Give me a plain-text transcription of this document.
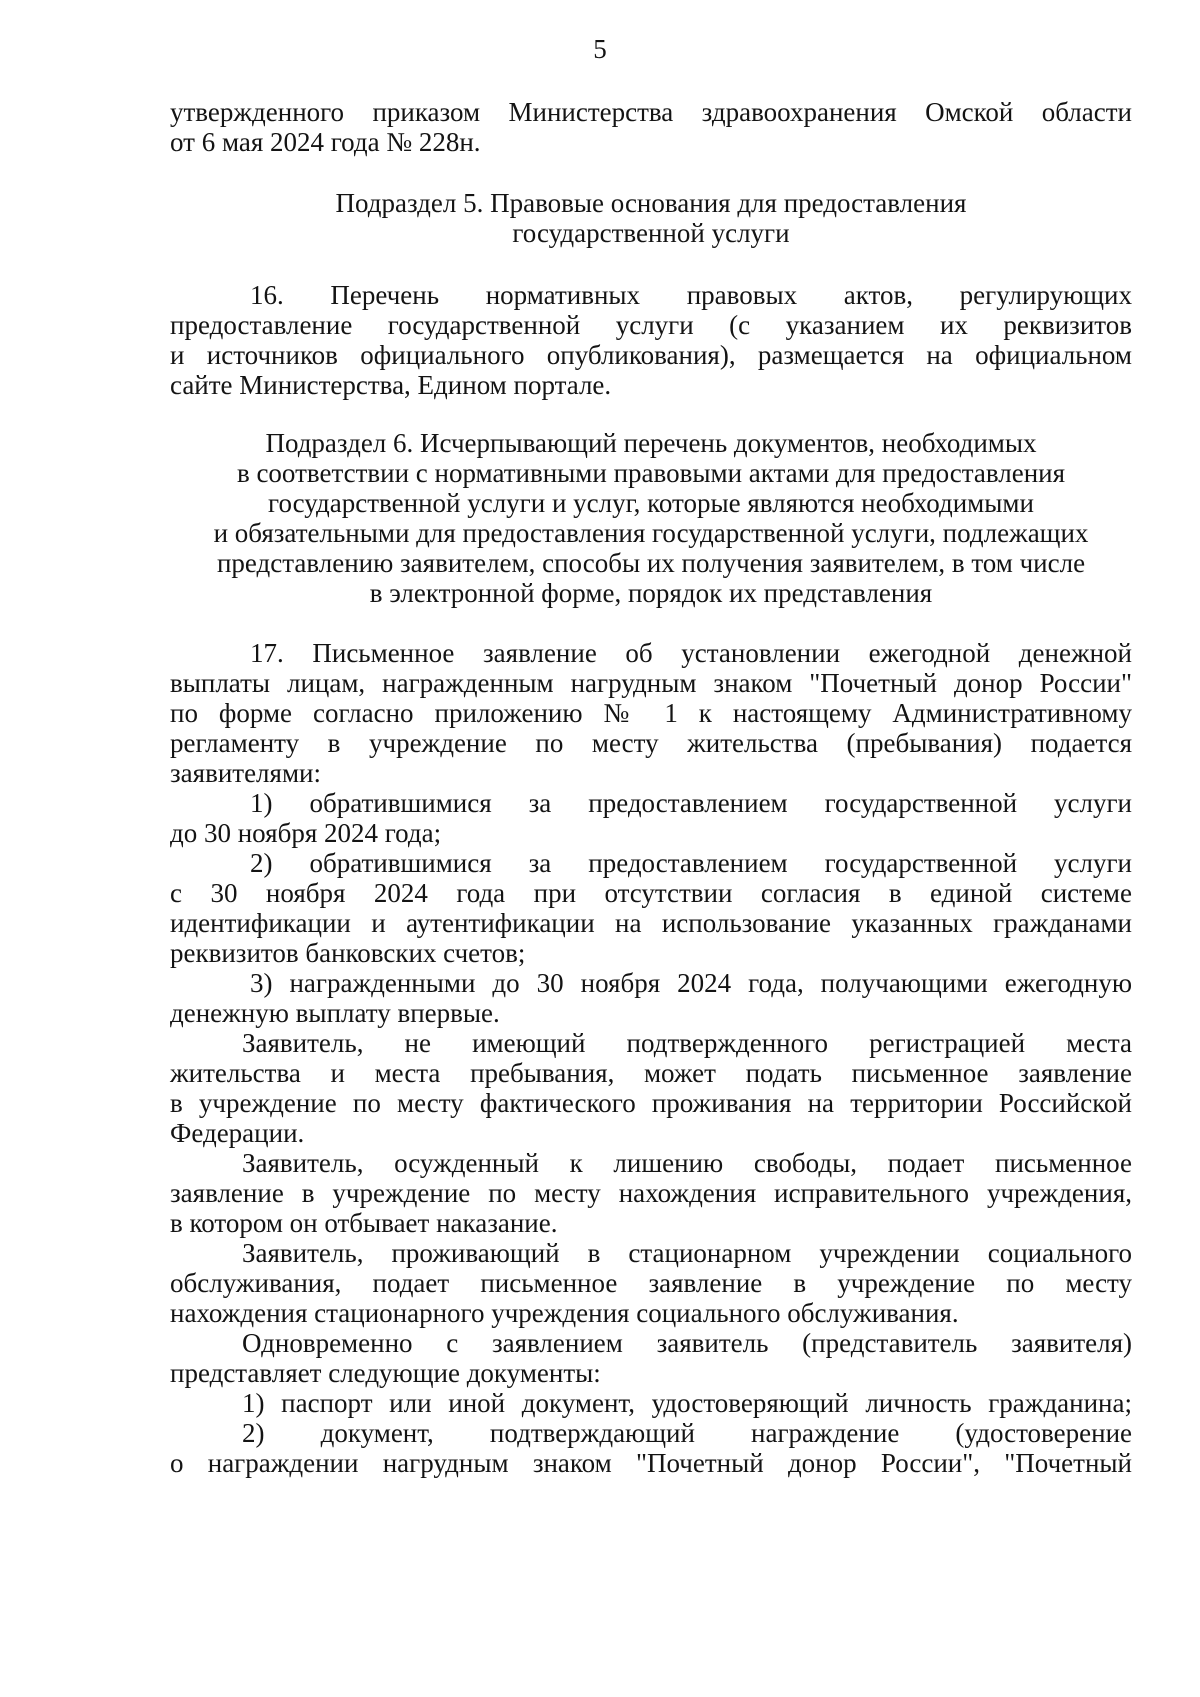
5
утвержденного приказом Министерства здравоохранения Омской области
от 6 мая 2024 года № 228н.
Подраздел 5. Правовые основания для предоставления
государственной услуги
16. Перечень нормативных правовых актов, регулирующих
предоставление государственной услуги (с указанием их реквизитов
и источников официального опубликования), размещается на официальном
сайте Министерства, Едином портале.
Подраздел 6. Исчерпывающий перечень документов, необходимых
в соответствии с нормативными правовыми актами для предоставления
государственной услуги и услуг, которые являются необходимыми
и обязательными для предоставления государственной услуги, подлежащих
представлению заявителем, способы их получения заявителем, в том числе
в электронной форме, порядок их представления
17. Письменное заявление об установлении ежегодной денежной
выплаты лицам, награжденным нагрудным знаком "Почетный донор России"
по форме согласно приложению № 1 к настоящему Административному
регламенту в учреждение по месту жительства (пребывания) подается
заявителями:
1) обратившимися за предоставлением государственной услуги
до 30 ноября 2024 года;
2) обратившимися за предоставлением государственной услуги
с 30 ноября 2024 года при отсутствии согласия в единой системе
идентификации и аутентификации на использование указанных гражданами
реквизитов банковских счетов;
3) награжденными до 30 ноября 2024 года, получающими ежегодную
денежную выплату впервые.
Заявитель, не имеющий подтвержденного регистрацией места
жительства и места пребывания, может подать письменное заявление
в учреждение по месту фактического проживания на территории Российской
Федерации.
Заявитель, осужденный к лишению свободы, подает письменное
заявление в учреждение по месту нахождения исправительного учреждения,
в котором он отбывает наказание.
Заявитель, проживающий в стационарном учреждении социального
обслуживания, подает письменное заявление в учреждение по месту
нахождения стационарного учреждения социального обслуживания.
Одновременно с заявлением заявитель (представитель заявителя)
представляет следующие документы:
1) паспорт или иной документ, удостоверяющий личность гражданина;
2) документ, подтверждающий награждение (удостоверение
о награждении нагрудным знаком "Почетный донор России", "Почетный
